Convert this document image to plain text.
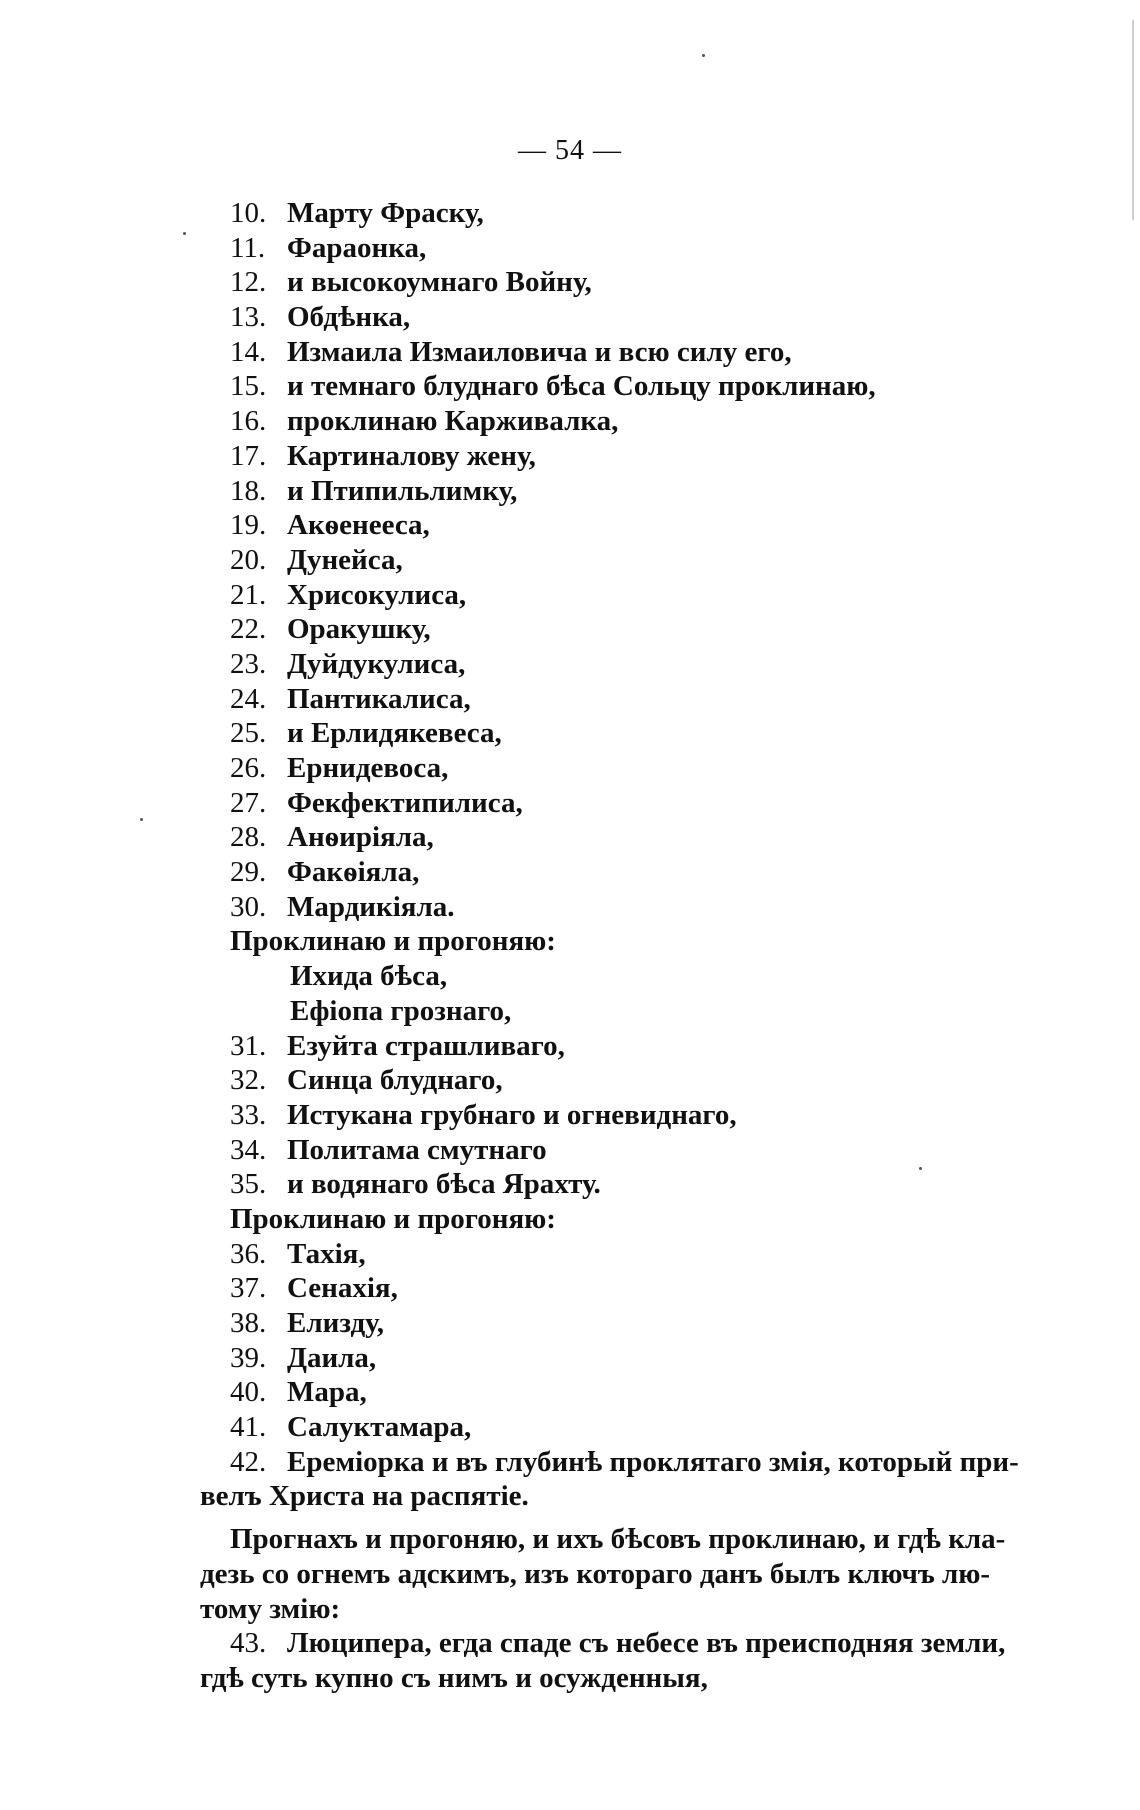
— 54 —
10. Марту Фраску,
11. Фараонка,
12. и высокоумнаго Войну,
13. Обдѣнка,
14. Измаила Измаиловича и всю силу его,
15. и темнаго блуднаго бѣса Сольцу проклинаю,
16. проклинаю Карживалка,
17. Картиналову жену,
18. и Птипильлимку,
19. Акѳенееса,
20. Дунейса,
21. Хрисокулиса,
22. Оракушку,
23. Дуйдукулиса,
24. Пантикалиса,
25. и Ерлидякевеса,
26. Ернидевоса,
27. Фекфектипилиса,
28. Анѳиріяла,
29. Факѳіяла,
30. Мардикіяла.
Проклинаю и прогоняю:
Ихида бѣса,
Ефіопа грознаго,
31. Езуйта страшливаго,
32. Синца блуднаго,
33. Истукана грубнаго и огневиднаго,
34. Политама смутнаго
35. и водянаго бѣса Ярахту.
Проклинаю и прогоняю:
36. Тахія,
37. Сенахія,
38. Елизду,
39. Даила,
40. Мара,
41. Салуктамара,
42. Еремiорка и въ глубинѣ проклятаго змія, который при-
велъ Христа на распятіе.
Прогнахъ и прогоняю, и ихъ бѣсовъ проклинаю, и гдѣ кла-
дезь со огнемъ адскимъ, изъ котораго данъ былъ ключъ лю-
тому змію:
43. Люципера, егда спаде съ небесе въ преисподняя земли,
гдѣ суть купно съ нимъ и осужденныя,
